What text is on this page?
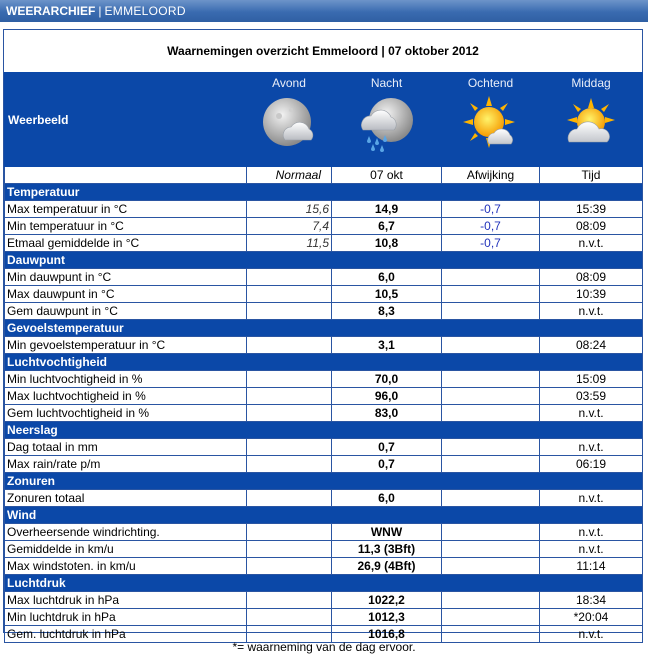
WEERARCHIEF | EMMELOORD
Waarnemingen overzicht Emmeloord | 07 oktober 2012
Weerbeeld	Avond	Nacht	Ochtend	Middag

	Normaal	07 okt	Afwijking	Tijd
Temperatuur				
Max temperatuur in °C	15,6	14,9	-0,7	15:39
Min temperatuur in °C	7,4	6,7	-0,7	08:09
Etmaal gemiddelde in °C	11,5	10,8	-0,7	n.v.t.
Dauwpunt				
Min dauwpunt in °C		6,0		08:09
Max dauwpunt in °C		10,5		10:39
Gem dauwpunt in °C		8,3		n.v.t.
Gevoelstemperatuur				
Min gevoelstemperatuur in °C		3,1		08:24
Luchtvochtigheid				
Min luchtvochtigheid in %		70,0		15:09
Max luchtvochtigheid in %		96,0		03:59
Gem luchtvochtigheid in %		83,0		n.v.t.
Neerslag				
Dag totaal in mm		0,7		n.v.t.
Max rain/rate p/m		0,7		06:19
Zonuren				
Zonuren totaal		6,0		n.v.t.
Wind				
Overheersende windrichting.		WNW		n.v.t.
Gemiddelde in km/u		11,3 (3Bft)		n.v.t.
Max windstoten. in km/u		26,9 (4Bft)		11:14
Luchtdruk				
Max luchtdruk in hPa		1022,2		18:34
Min luchtdruk in hPa		1012,3		*20:04
Gem. luchtdruk in hPa		1016,8		n.v.t.
*= waarneming van de dag ervoor.
